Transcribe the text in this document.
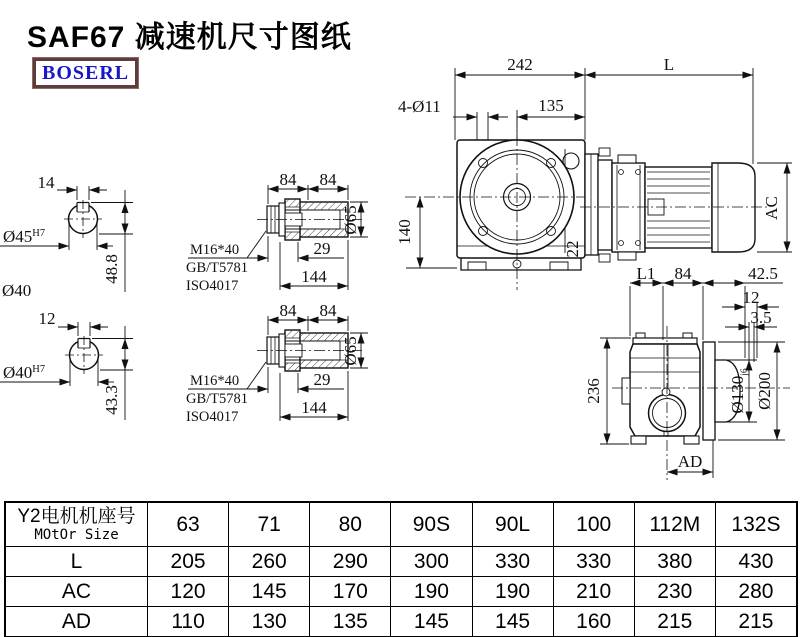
242	L
4-Ø11	135
22
140
AC
14
$Ø45^{H7}$
48.8
Ø40
12
$Ø40^{H7}$
43.3
84 84
29
144
Ø65
M16*40
GB/T5781
ISO4017
84 84
29
144
Ø65
M16*40
GB/T5781
ISO4017
L1 84	42.5
12
3.5
236	$Ø130_{j6}$ Ø200
AD
SAF67 减速机尺寸图纸
BOSERL
Y2电机机座号
MOtOr Size	63	71	80	90S	90L	100	112M	132S
L	205	260	290	300	330	330	380	430
AC	120	145	170	190	190	210	230	280
AD	110	130	135	145	145	160	215	215
